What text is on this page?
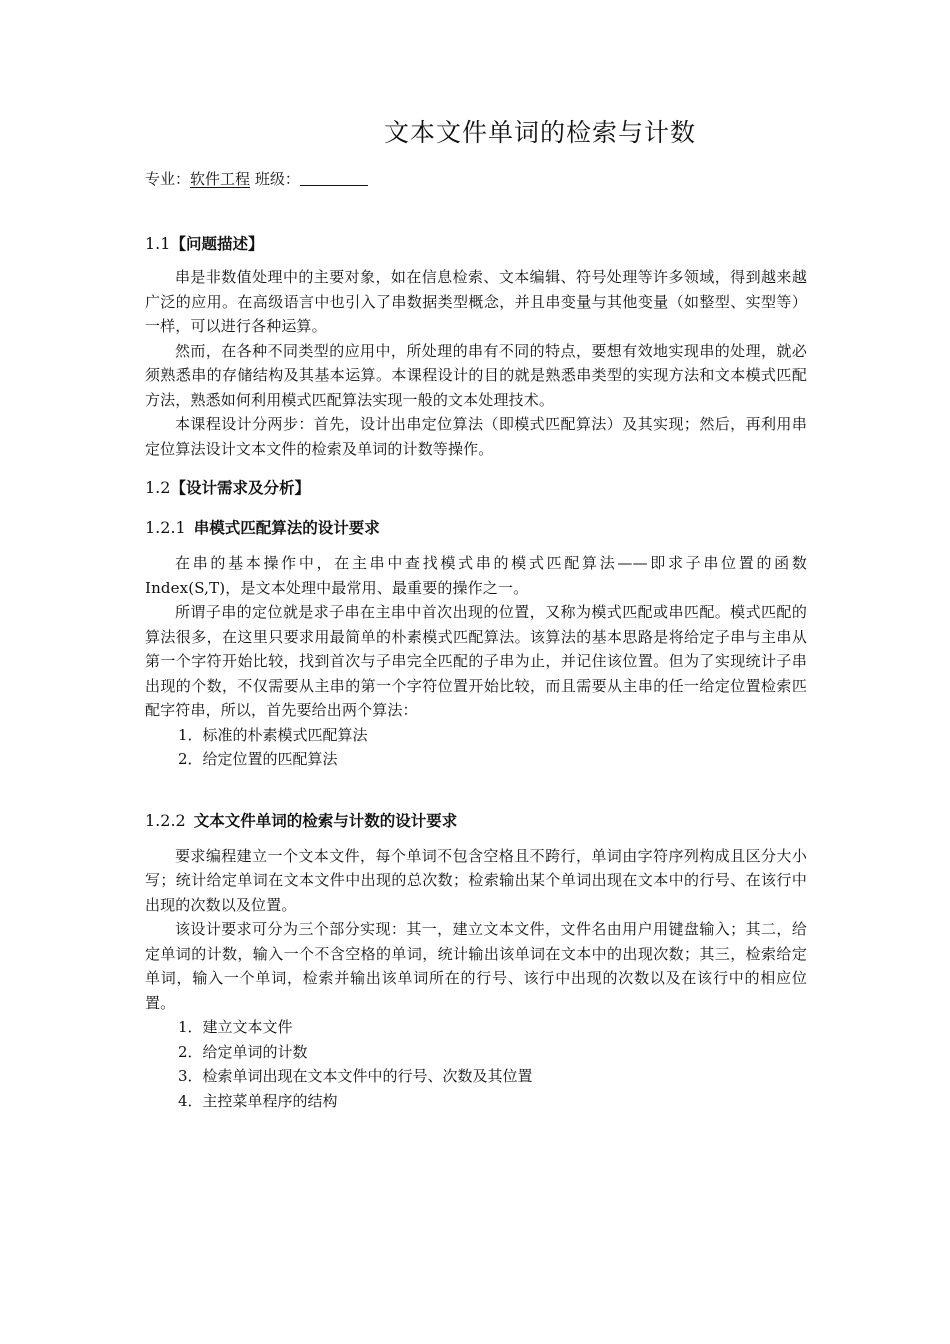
文本文件单词的检索与计数
专业：软件工程 班级：
1.1【问题描述】

串是非数值处理中的主要对象，如在信息检索、文本编辑、符号处理等许多领域，得到越来越广泛的应用。在高级语言中也引入了串数据类型概念，并且串变量与其他变量（如整型、实型等）一样，可以进行各种运算。

然而，在各种不同类型的应用中，所处理的串有不同的特点，要想有效地实现串的处理，就必须熟悉串的存储结构及其基本运算。本课程设计的目的就是熟悉串类型的实现方法和文本模式匹配方法，熟悉如何利用模式匹配算法实现一般的文本处理技术。

本课程设计分两步：首先，设计出串定位算法（即模式匹配算法）及其实现；然后，再利用串定位算法设计文本文件的检索及单词的计数等操作。

1.2【设计需求及分析】
1.2.1 串模式匹配算法的设计要求

在串的基本操作中，在主串中查找模式串的模式匹配算法——即求子串位置的函数Index(S,T)，是文本处理中最常用、最重要的操作之一。

所谓子串的定位就是求子串在主串中首次出现的位置，又称为模式匹配或串匹配。模式匹配的算法很多，在这里只要求用最简单的朴素模式匹配算法。该算法的基本思路是将给定子串与主串从第一个字符开始比较，找到首次与子串完全匹配的子串为止，并记住该位置。但为了实现统计子串出现的个数，不仅需要从主串的第一个字符位置开始比较，而且需要从主串的任一给定位置检索匹配字符串，所以，首先要给出两个算法：

1．标准的朴素模式匹配算法
2．给定位置的匹配算法
1.2.2 文本文件单词的检索与计数的设计要求

要求编程建立一个文本文件，每个单词不包含空格且不跨行，单词由字符序列构成且区分大小写；统计给定单词在文本文件中出现的总次数；检索输出某个单词出现在文本中的行号、在该行中出现的次数以及位置。

该设计要求可分为三个部分实现：其一，建立文本文件，文件名由用户用键盘输入；其二，给定单词的计数，输入一个不含空格的单词，统计输出该单词在文本中的出现次数；其三，检索给定单词，输入一个单词，检索并输出该单词所在的行号、该行中出现的次数以及在该行中的相应位置。

1．建立文本文件
2．给定单词的计数
3．检索单词出现在文本文件中的行号、次数及其位置
4．主控菜单程序的结构
